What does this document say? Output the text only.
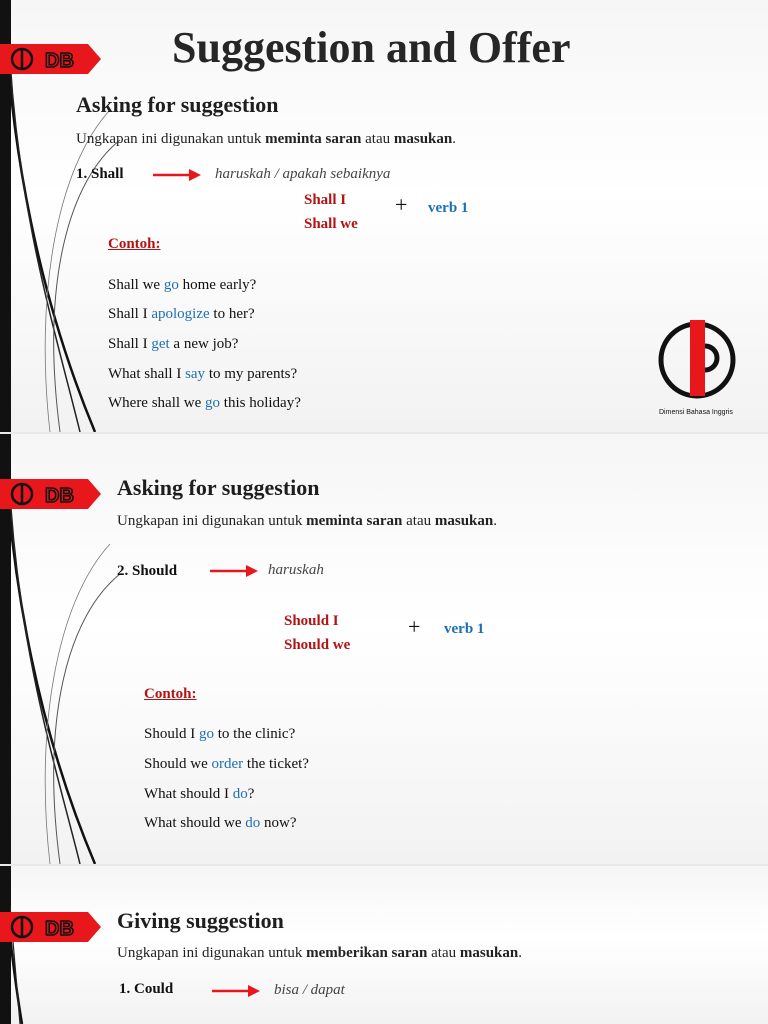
DB Suggestion and Offer
Asking for suggestion
Ungkapan ini digunakan untuk meminta saran atau masukan.
1. Shall	haruskah / apakah sebaiknya
Shall I
Shall we
+ verb 1
Contoh:
Shall we go home early?
Shall I apologize to her?
Shall I get a new job?
What shall I say to my parents?
Where shall we go this holiday?
Dimensi Bahasa Inggris
DB Asking for suggestion
Ungkapan ini digunakan untuk meminta saran atau masukan.
2. Should	haruskah
Should I
Should we
+ verb 1
Contoh:
Should I go to the clinic?
Should we order the ticket?
What should I do?
What should we do now?
DB Giving suggestion
Ungkapan ini digunakan untuk memberikan saran atau masukan.
1. Could	bisa / dapat
